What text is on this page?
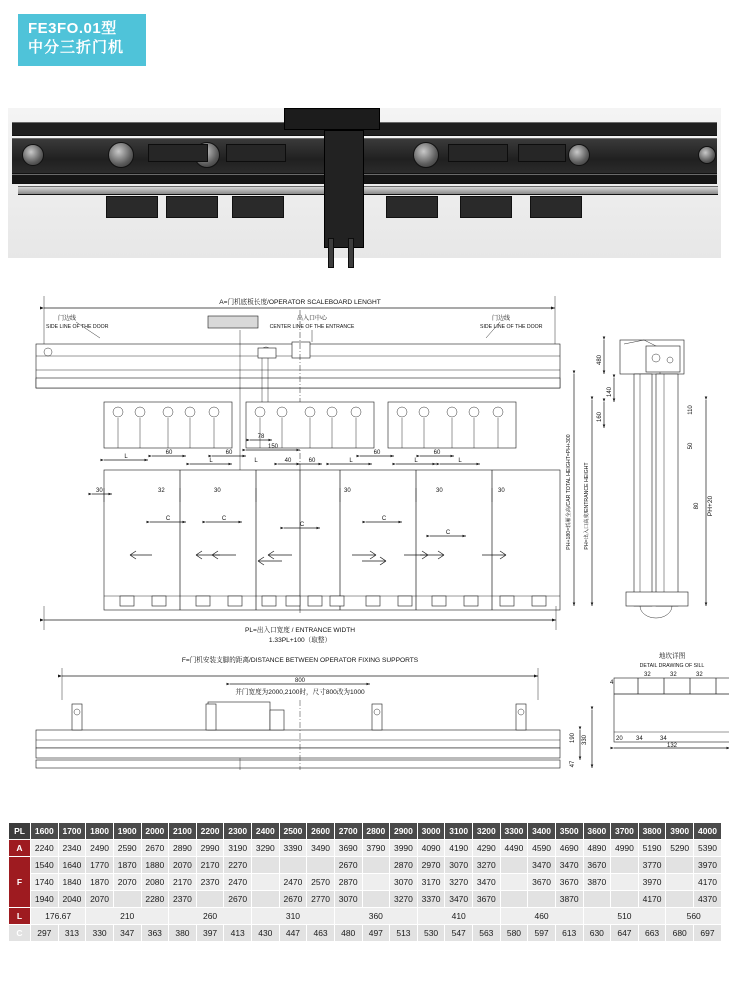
FE3FO.01型
中分三折门机
A=门机底板长度/OPERATOR SCALEBOARD LENGHT
门边线
SIDE LINE OF THE DOOR
出入口中心
CENTER LINE OF THE ENTRANCE
门边线
SIDE LINE OF THE DOOR
L
60
L
60
L
78
150
40	60	L
60
L
60
L
30	32	30	30	30	30
C	C
C
C
C
PL=出入口宽度 / ENTRANCE WIDTH
1.33PL+100（取整）
480
140
160
110
50
80 PH+20
PH+180=轿厢全高/CAR TOTAL HEIGHT=PH+300	PH=出入口高度/ENTRANCE HEIGHT
F=门机安装支脚的距离/DISTANCE BETWEEN OPERATOR FIXING SUPPORTS
800
并门宽度为2000,2100时，尺寸800改为1000
地坎详图
DETAIL DRAWING OF SILL
4
32	32	32
20 34	34
132
330
190
47
PL	1600	1700	1800	1900	2000	2100	2200	2300	2400	2500	2600	2700	2800	2900	3000	3100	3200	3300	3400	3500	3600	3700	3800	3900	4000
A	2240	2340	2490	2590	2670	2890	2990	3190	3290	3390	3490	3690	3790	3990	4090	4190	4290	4490	4590	4690	4890	4990	5190	5290	5390
F	1540	1640	1770	1870	1880	2070	2170	2270				2670		2870	2970	3070	3270		3470	3470	3670		3770		3970
	1740	1840	1870	2070	2080	2170	2370	2470		2470	2570	2870		3070	3170	3270	3470		3670	3670	3870		3970		4170
	1940	2040	2070		2280	2370		2670		2670	2770	3070		3270	3370	3470	3670			3870			4170		4370
L	176.67		210			260			310			360			410			460			510			560	
C	297	313	330	347	363	380	397	413	430	447	463	480	497	513	530	547	563	580	597	613	630	647	663	680	697
